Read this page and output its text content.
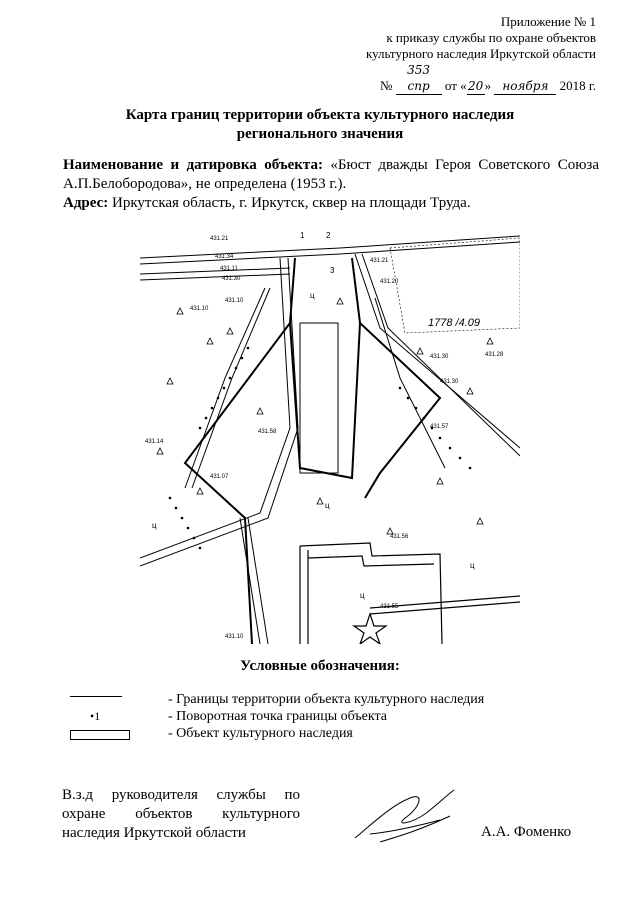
Приложение № 1
к приказу службы по охране объектов
культурного наследия Иркутской области
№ 353 спр от «20» ноября 2018 г.
Карта границ территории объекта культурного наследия
регионального значения
Наименование и датировка объекта: «Бюст дважды Героя Советского Союза
А.П.Белобородова», не определена (1953 г.).
Адрес: Иркутская область, г. Иркутск, сквер на площади Труда.
1778 /4.09
431.21
431.34
431.11
431.30
431.10
431.21
431.20
431.30
431.30
431.57
431.58
431.07
431.14
431.10
431.55
431.56
431.10
431.28
1	2
3
ц
ц
ц
ц
ц
Условные обозначения:
- Границы территории объекта культурного наследия
•1	- Поворотная точка границы объекта
- Объект культурного наследия
В.з.д руководителя службы по
охране объектов культурного
наследия Иркутской области	А.А. Фоменко
